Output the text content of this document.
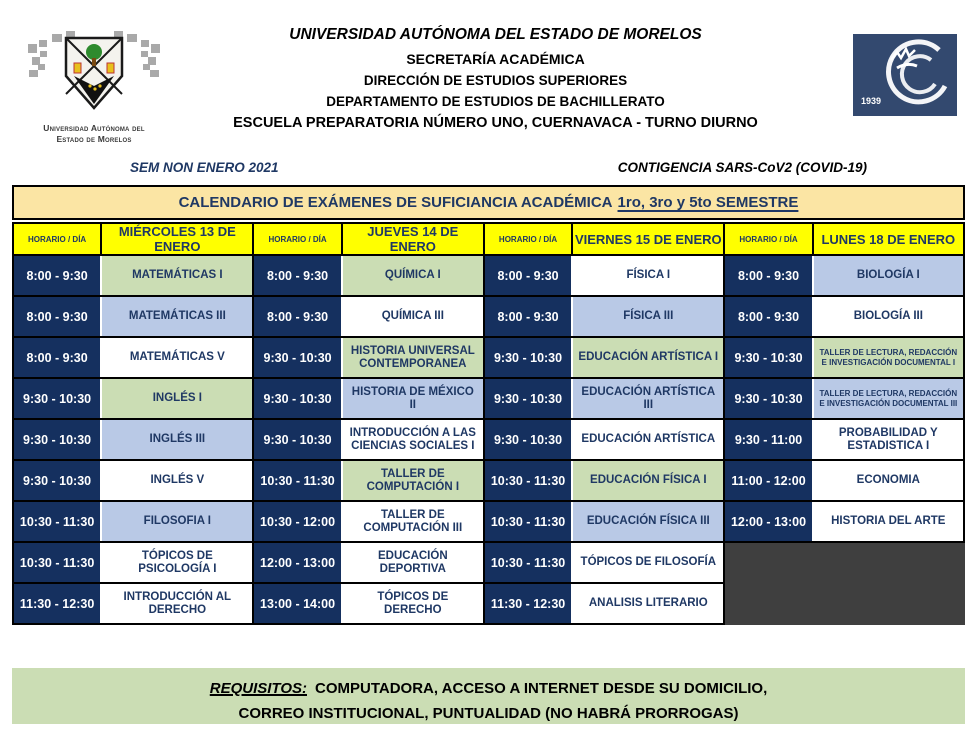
Universidad Autónoma del
Estado de Morelos
UNIVERSIDAD AUTÓNOMA DEL ESTADO DE MORELOS
SECRETARÍA ACADÉMICA
DIRECCIÓN DE ESTUDIOS SUPERIORES
DEPARTAMENTO DE ESTUDIOS DE BACHILLERATO
ESCUELA PREPARATORIA NÚMERO UNO, CUERNAVACA - TURNO DIURNO
1939
SEM NON ENERO 2021	CONTIGENCIA SARS-CoV2 (COVID-19)
CALENDARIO DE EXÁMENES DE SUFICIANCIA ACADÉMICA 1ro, 3ro y 5to SEMESTRE
HORARIO / DÍA	MIÉRCOLES 13 DE ENERO	HORARIO / DÍA	JUEVES 14 DE ENERO	HORARIO / DÍA	VIERNES 15 DE ENERO	HORARIO / DÍA	LUNES 18 DE ENERO
8:00 - 9:30	MATEMÁTICAS I	8:00 - 9:30	QUÍMICA I	8:00 - 9:30	FÍSICA I	8:00 - 9:30	BIOLOGÍA I
8:00 - 9:30	MATEMÁTICAS III	8:00 - 9:30	QUÍMICA III	8:00 - 9:30	FÍSICA III	8:00 - 9:30	BIOLOGÍA III
8:00 - 9:30	MATEMÁTICAS V	9:30 - 10:30	HISTORIA UNIVERSAL CONTEMPORANEA	9:30 - 10:30	EDUCACIÓN ARTÍSTICA I	9:30 - 10:30	TALLER DE LECTURA, REDACCIÓN E INVESTIGACIÓN DOCUMENTAL I
9:30 - 10:30	INGLÉS I	9:30 - 10:30	HISTORIA DE MÉXICO II	9:30 - 10:30	EDUCACIÓN ARTÍSTICA III	9:30 - 10:30	TALLER DE LECTURA, REDACCIÓN E INVESTIGACIÓN DOCUMENTAL III
9:30 - 10:30	INGLÉS III	9:30 - 10:30	INTRODUCCIÓN A LAS CIENCIAS SOCIALES I	9:30 - 10:30	EDUCACIÓN ARTÍSTICA	9:30 - 11:00	PROBABILIDAD Y ESTADISTICA I
9:30 - 10:30	INGLÉS V	10:30 - 11:30	TALLER DE COMPUTACIÓN I	10:30 - 11:30	EDUCACIÓN FÍSICA I	11:00 - 12:00	ECONOMIA
10:30 - 11:30	FILOSOFIA I	10:30 - 12:00	TALLER DE COMPUTACIÓN III	10:30 - 11:30	EDUCACIÓN FÍSICA III	12:00 - 13:00	HISTORIA DEL ARTE
10:30 - 11:30	TÓPICOS DE PSICOLOGÍA I	12:00 - 13:00	EDUCACIÓN DEPORTIVA	10:30 - 11:30	TÓPICOS DE FILOSOFÍA		
11:30 - 12:30	INTRODUCCIÓN AL DERECHO	13:00 - 14:00	TÓPICOS DE DERECHO	11:30 - 12:30	ANALISIS LITERARIO		
REQUISITOS: COMPUTADORA, ACCESO A INTERNET DESDE SU DOMICILIO,
CORREO INSTITUCIONAL, PUNTUALIDAD (NO HABRÁ PRORROGAS)
